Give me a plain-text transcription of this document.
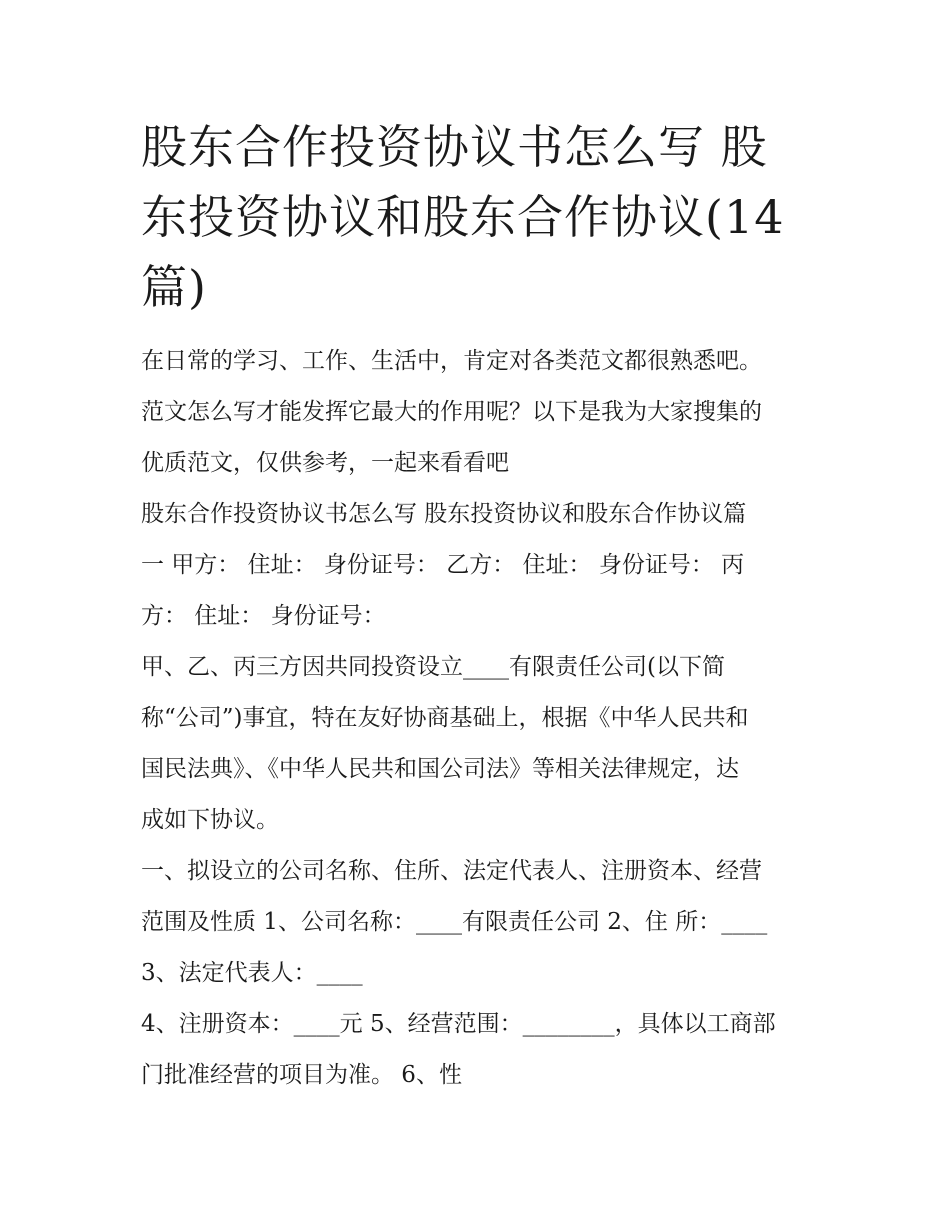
股东合作投资协议书怎么写 股
东投资协议和股东合作协议(14
篇)

在日常的学习、工作、生活中，肯定对各类范文都很熟悉吧。
范文怎么写才能发挥它最大的作用呢？以下是我为大家搜集的
优质范文，仅供参考，一起来看看吧

股东合作投资协议书怎么写 股东投资协议和股东合作协议篇
一 甲方： 住址： 身份证号： 乙方： 住址： 身份证号： 丙
方： 住址： 身份证号：

甲、乙、丙三方因共同投资设立____有限责任公司(以下简
称“公司”)事宜，特在友好协商基础上，根据《中华人民共和
国民法典》、《中华人民共和国公司法》等相关法律规定，达
成如下协议。

一、拟设立的公司名称、住所、法定代表人、注册资本、经营
范围及性质 1、公司名称：____有限责任公司 2、住 所：____
3、法定代表人：____

4、注册资本：____元 5、经营范围：________，具体以工商部
门批准经营的项目为准。 6、性
